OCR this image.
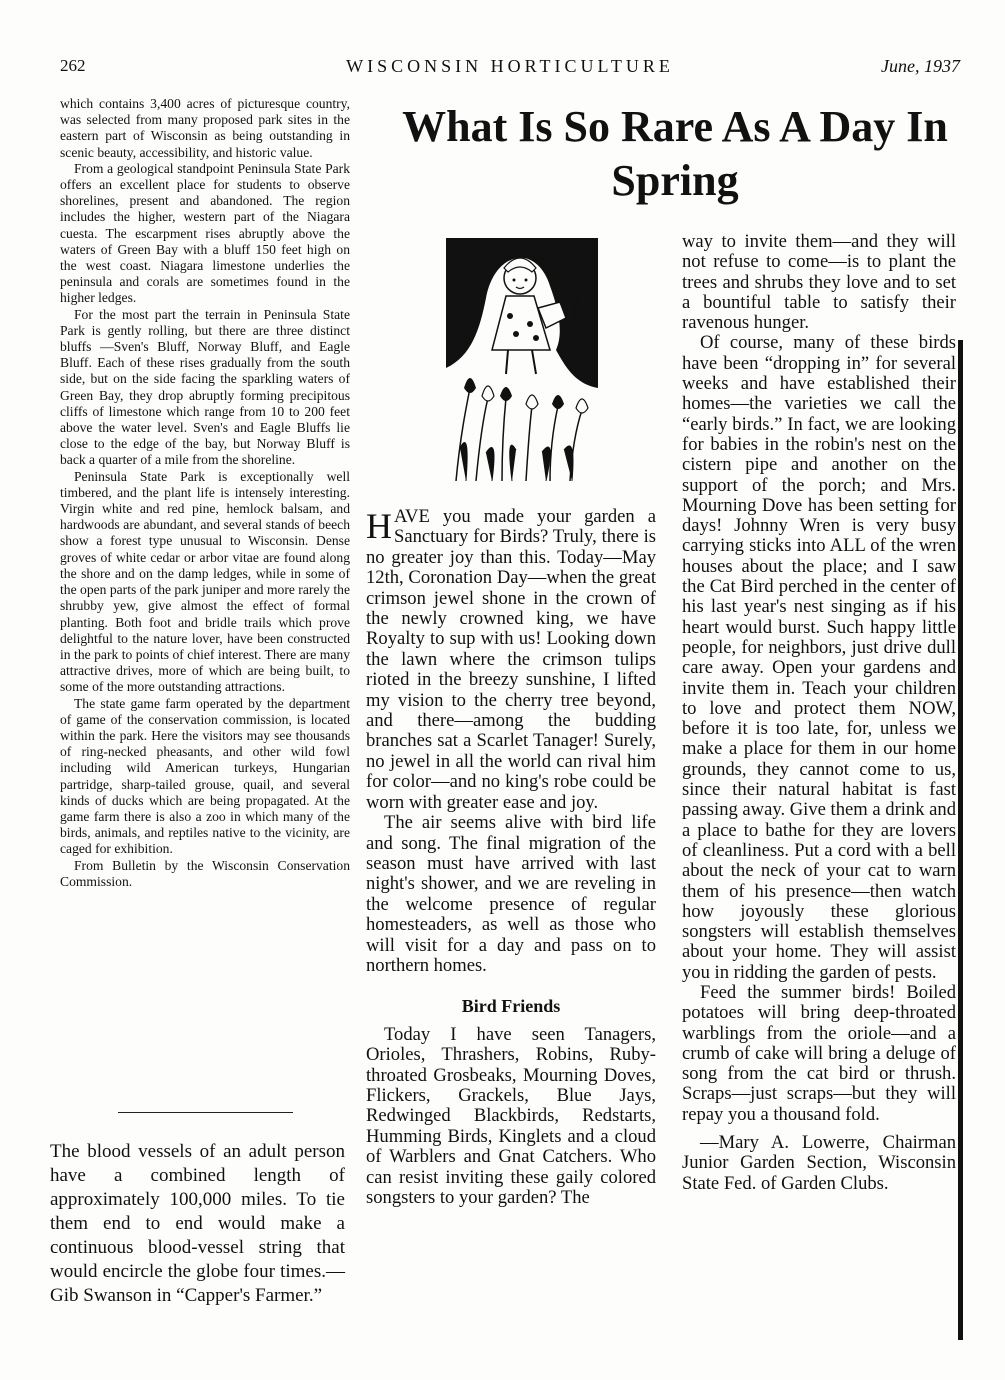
262	WISCONSIN HORTICULTURE	June, 1937

which contains 3,400 acres of picturesque country, was selected from many proposed park sites in the eastern part of Wisconsin as being outstanding in scenic beauty, accessibility, and historic value.

From a geological standpoint Peninsula State Park offers an excellent place for students to observe shorelines, present and abandoned. The region includes the higher, western part of the Niagara cuesta. The escarpment rises abruptly above the waters of Green Bay with a bluff 150 feet high on the west coast. Niagara limestone underlies the peninsula and corals are sometimes found in the higher ledges.

For the most part the terrain in Peninsula State Park is gently rolling, but there are three distinct bluffs —Sven's Bluff, Norway Bluff, and Eagle Bluff. Each of these rises gradually from the south side, but on the side facing the sparkling waters of Green Bay, they drop abruptly forming precipitous cliffs of limestone which range from 10 to 200 feet above the water level. Sven's and Eagle Bluffs lie close to the edge of the bay, but Norway Bluff is back a quarter of a mile from the shoreline.

Peninsula State Park is exceptionally well timbered, and the plant life is intensely interesting. Virgin white and red pine, hemlock balsam, and hardwoods are abundant, and several stands of beech show a forest type unusual to Wisconsin. Dense groves of white cedar or arbor vitae are found along the shore and on the damp ledges, while in some of the open parts of the park juniper and more rarely the shrubby yew, give almost the effect of formal planting. Both foot and bridle trails which prove delightful to the nature lover, have been constructed in the park to points of chief interest. There are many attractive drives, more of which are being built, to some of the more outstanding attractions.

The state game farm operated by the department of game of the conservation commission, is located within the park. Here the visitors may see thousands of ring-necked pheasants, and other wild fowl including wild American turkeys, Hungarian partridge, sharp-tailed grouse, quail, and several kinds of ducks which are being propagated. At the game farm there is also a zoo in which many of the birds, animals, and reptiles native to the vicinity, are caged for exhibition.

From Bulletin by the Wisconsin Conservation Commission.

The blood vessels of an adult person have a combined length of approximately 100,000 miles. To tie them end to end would make a continuous blood-vessel string that would encircle the globe four times.—Gib Swanson in “Capper's Farmer.”
What Is So Rare As A Day In Spring

HAVE you made your garden a Sanctuary for Birds? Truly, there is no greater joy than this. Today—May 12th, Coronation Day—when the great crimson jewel shone in the crown of the newly crowned king, we have Royalty to sup with us! Looking down the lawn where the crimson tulips rioted in the breezy sunshine, I lifted my vision to the cherry tree beyond, and there—among the budding branches sat a Scarlet Tanager! Surely, no jewel in all the world can rival him for color—and no king's robe could be worn with greater ease and joy.

The air seems alive with bird life and song. The final migration of the season must have arrived with last night's shower, and we are reveling in the welcome presence of regular homesteaders, as well as those who will visit for a day and pass on to northern homes.

Bird Friends

Today I have seen Tanagers, Orioles, Thrashers, Robins, Ruby-throated Grosbeaks, Mourning Doves, Flickers, Grackels, Blue Jays, Redwinged Blackbirds, Redstarts, Humming Birds, Kinglets and a cloud of Warblers and Gnat Catchers. Who can resist inviting these gaily colored songsters to your garden? The

way to invite them—and they will not refuse to come—is to plant the trees and shrubs they love and to set a bountiful table to satisfy their ravenous hunger.

Of course, many of these birds have been “dropping in” for several weeks and have established their homes—the varieties we call the “early birds.” In fact, we are looking for babies in the robin's nest on the cistern pipe and another on the support of the porch; and Mrs. Mourning Dove has been setting for days! Johnny Wren is very busy carrying sticks into ALL of the wren houses about the place; and I saw the Cat Bird perched in the center of his last year's nest singing as if his heart would burst. Such happy little people, for neighbors, just drive dull care away. Open your gardens and invite them in. Teach your children to love and protect them NOW, before it is too late, for, unless we make a place for them in our home grounds, they cannot come to us, since their natural habitat is fast passing away. Give them a drink and a place to bathe for they are lovers of cleanliness. Put a cord with a bell about the neck of your cat to warn them of his presence—then watch how joyously these glorious songsters will establish themselves about your home. They will assist you in ridding the garden of pests.

Feed the summer birds! Boiled potatoes will bring deep-throated warblings from the oriole—and a crumb of cake will bring a deluge of song from the cat bird or thrush. Scraps—just scraps—but they will repay you a thousand fold.

—Mary A. Lowerre, Chairman Junior Garden Section, Wisconsin State Fed. of Garden Clubs.
